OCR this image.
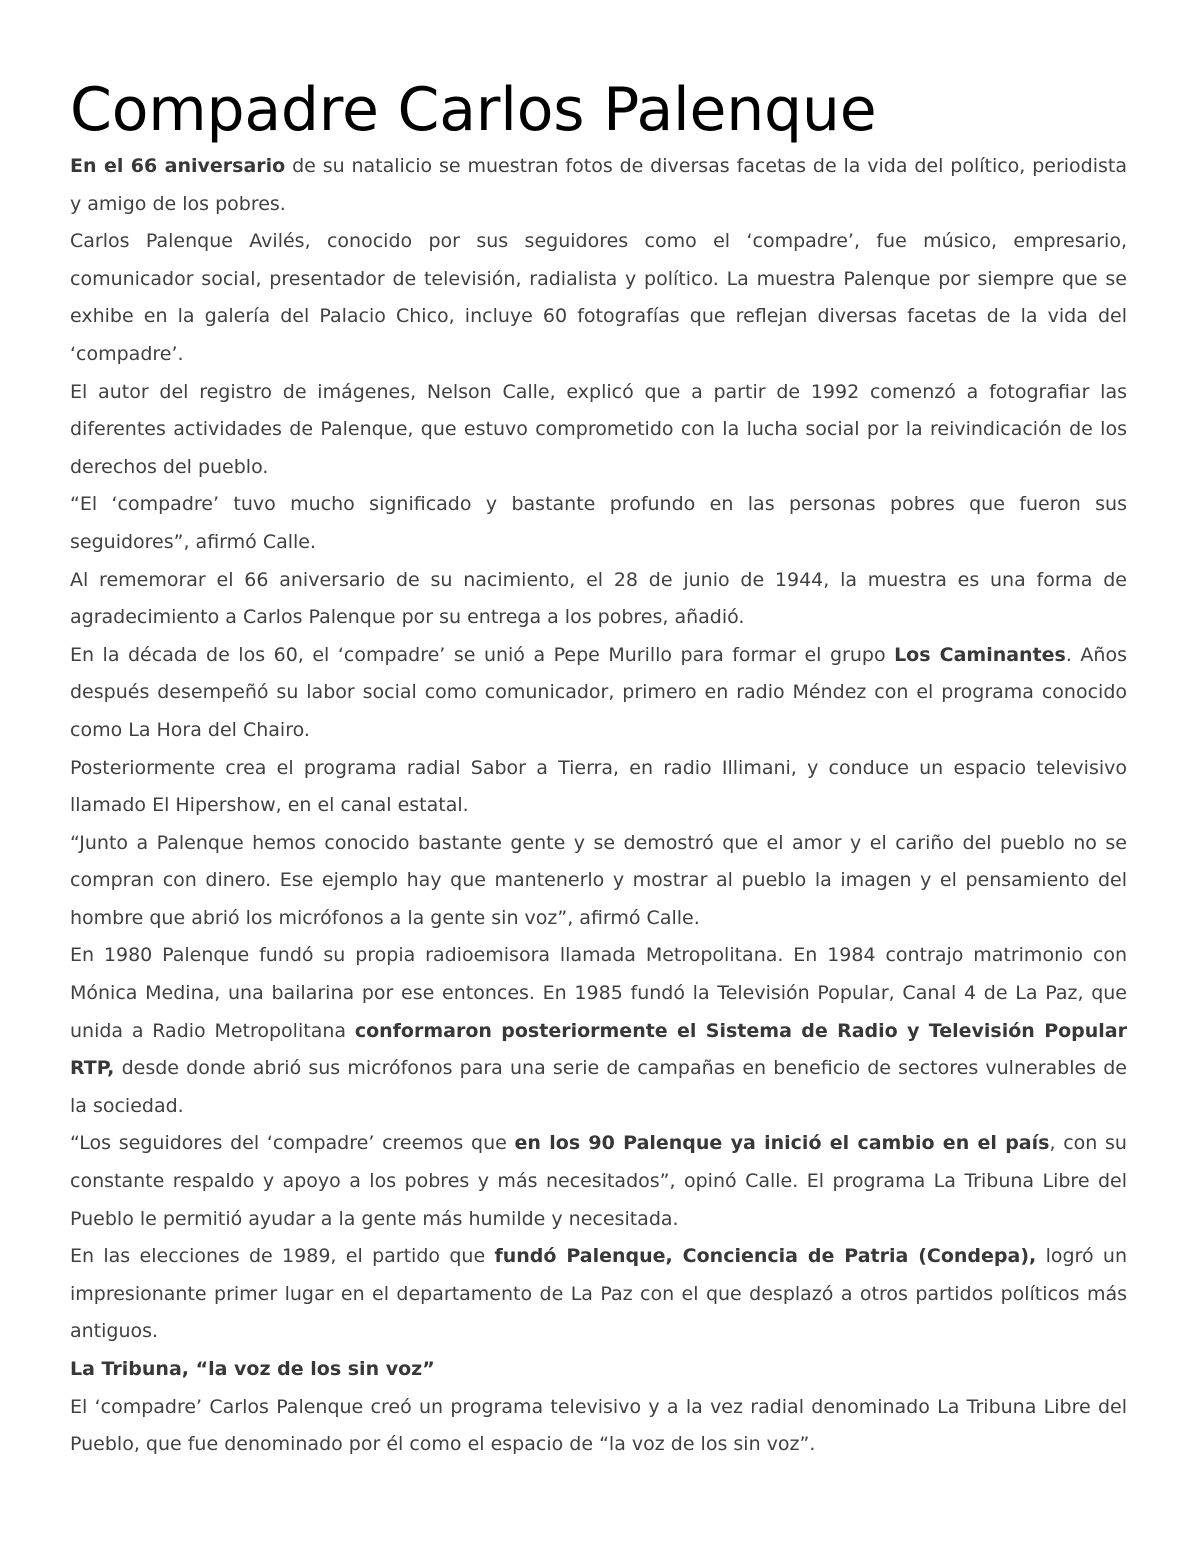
Compadre Carlos Palenque

En el 66 aniversario de su natalicio se muestran fotos de diversas facetas de la vida del político, periodista y amigo de los pobres.

Carlos Palenque Avilés, conocido por sus seguidores como el ‘compadre’, fue músico, empresario, comunicador social, presentador de televisión, radialista y político. La muestra Palenque por siempre que se exhibe en la galería del Palacio Chico, incluye 60 fotografías que reflejan diversas facetas de la vida del ‘compadre’.

El autor del registro de imágenes, Nelson Calle, explicó que a partir de 1992 comenzó a fotografiar las diferentes actividades de Palenque, que estuvo comprometido con la lucha social por la reivindicación de los derechos del pueblo.

“El ‘compadre’ tuvo mucho significado y bastante profundo en las personas pobres que fueron sus seguidores”, afirmó Calle.

Al rememorar el 66 aniversario de su nacimiento, el 28 de junio de 1944, la muestra es una forma de agradecimiento a Carlos Palenque por su entrega a los pobres, añadió.

En la década de los 60, el ‘compadre’ se unió a Pepe Murillo para formar el grupo Los Caminantes. Años después desempeñó su labor social como comunicador, primero en radio Méndez con el programa conocido como La Hora del Chairo.

Posteriormente crea el programa radial Sabor a Tierra, en radio Illimani, y conduce un espacio televisivo llamado El Hipershow, en el canal estatal.

“Junto a Palenque hemos conocido bastante gente y se demostró que el amor y el cariño del pueblo no se compran con dinero. Ese ejemplo hay que mantenerlo y mostrar al pueblo la imagen y el pensamiento del hombre que abrió los micrófonos a la gente sin voz”, afirmó Calle.

En 1980 Palenque fundó su propia radioemisora llamada Metropolitana. En 1984 contrajo matrimonio con Mónica Medina, una bailarina por ese entonces. En 1985 fundó la Televisión Popular, Canal 4 de La Paz, que unida a Radio Metropolitana conformaron posteriormente el Sistema de Radio y Televisión Popular RTP, desde donde abrió sus micrófonos para una serie de campañas en beneficio de sectores vulnerables de la sociedad.

“Los seguidores del ‘compadre’ creemos que en los 90 Palenque ya inició el cambio en el país, con su constante respaldo y apoyo a los pobres y más necesitados”, opinó Calle. El programa La Tribuna Libre del Pueblo le permitió ayudar a la gente más humilde y necesitada.

En las elecciones de 1989, el partido que fundó Palenque, Conciencia de Patria (Condepa), logró un impresionante primer lugar en el departamento de La Paz con el que desplazó a otros partidos políticos más antiguos.

La Tribuna, “la voz de los sin voz”

El ‘compadre’ Carlos Palenque creó un programa televisivo y a la vez radial denominado La Tribuna Libre del Pueblo, que fue denominado por él como el espacio de “la voz de los sin voz”.
